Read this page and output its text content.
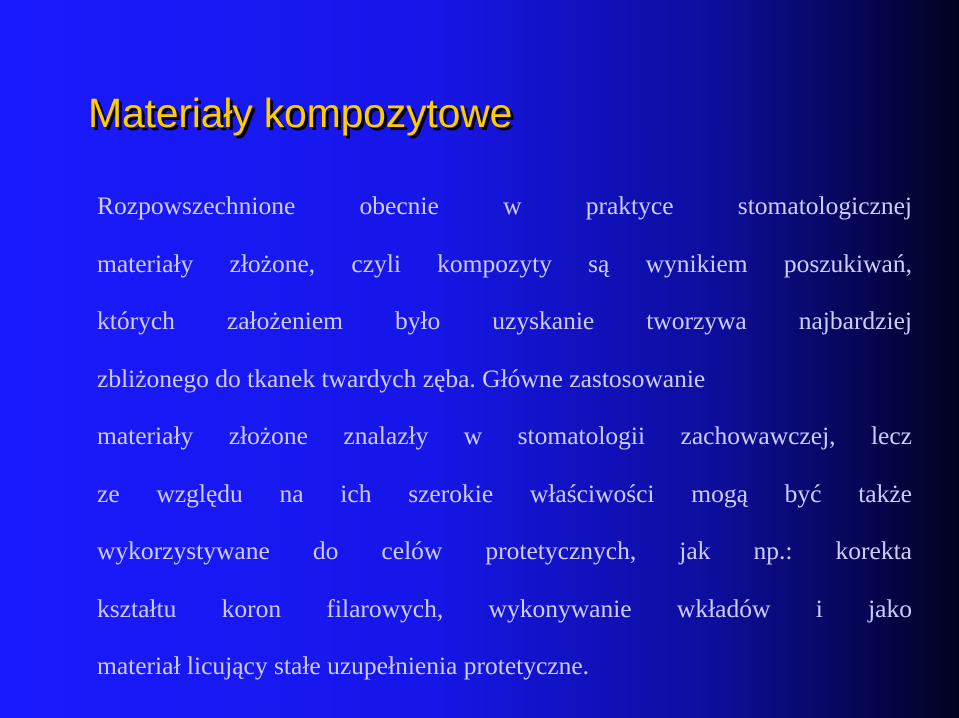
Materiały kompozytowe
Rozpowszechnione obecnie w praktyce stomatologicznej
materiały złożone, czyli kompozyty są wynikiem poszukiwań,
których założeniem było uzyskanie tworzywa najbardziej
zbliżonego do tkanek twardych zęba. Główne zastosowanie
materiały złożone znalazły w stomatologii zachowawczej, lecz
ze względu na ich szerokie właściwości mogą być także
wykorzystywane do celów protetycznych, jak np.: korekta
kształtu koron filarowych, wykonywanie wkładów i jako
materiał licujący stałe uzupełnienia protetyczne.
